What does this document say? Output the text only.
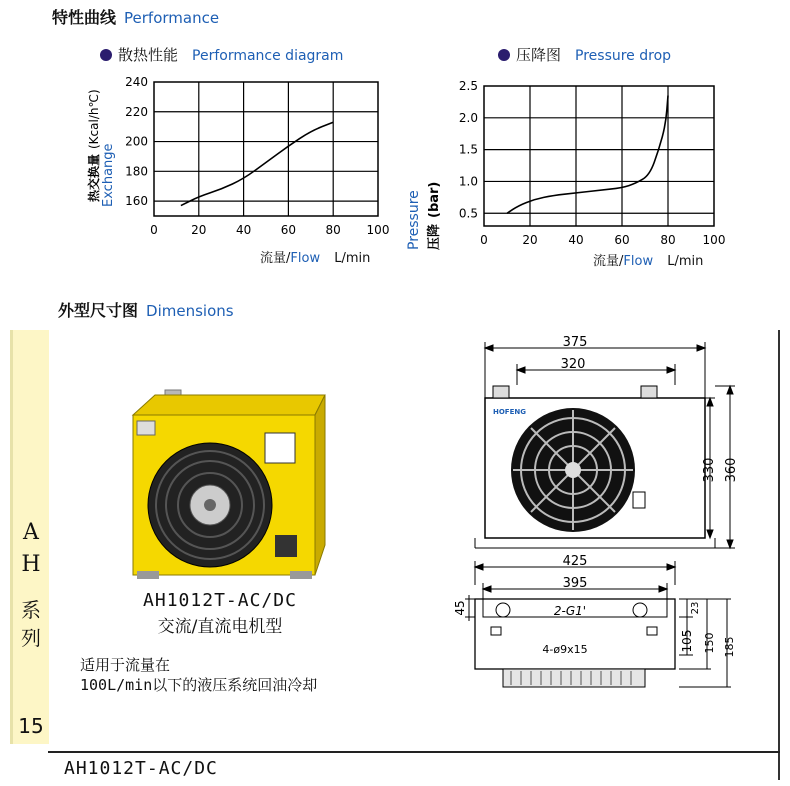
特性曲线 Performance
散热性能 Performance diagram	压降图 Pressure drop
160
180
200
220
240
0	20 40 60 80 100
热交换量
(Kcal/h℃)
Exchange
流量/Flow L/min
0.5
1.0
1.5
2.0
2.5
0	20	40	60	80 100
Pressure 压降
(bar)
流量/Flow L/min
外型尺寸图 Dimensions
A
H
系
列
15
AH1012T-AC/DC
交流/直流电机型
适用于流量在
100L/min以下的液压系统回油冷却
HOFENG
375
320
330 360
425
395
2-G1'
4-ø9x15
45	23
105 150 185
AH1012T-AC/DC
